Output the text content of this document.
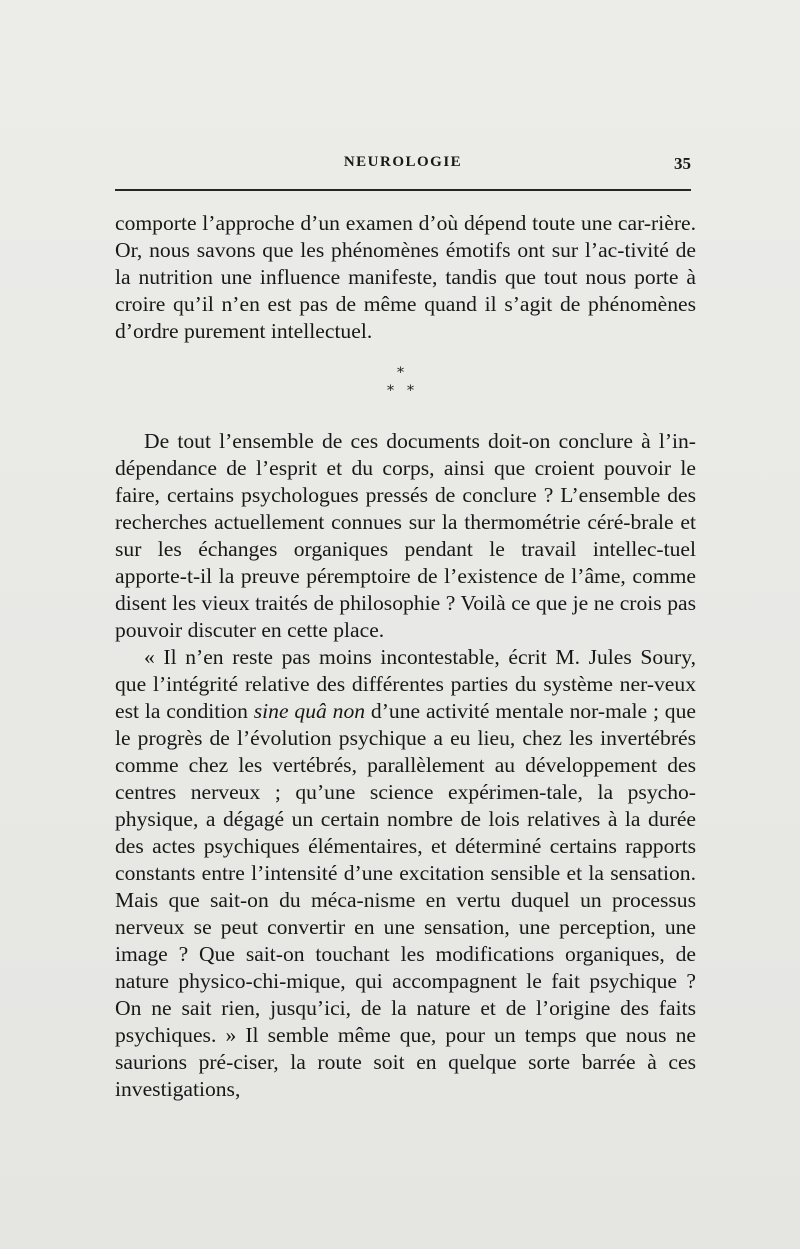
NEUROLOGIE	35

comporte l’approche d’un examen d’où dépend toute une car-rière. Or, nous savons que les phénomènes émotifs ont sur l’ac-tivité de la nutrition une influence manifeste, tandis que tout nous porte à croire qu’il n’en est pas de même quand il s’agit de phénomènes d’ordre purement intellectuel.

*
* *

De tout l’ensemble de ces documents doit-on conclure à l’in-dépendance de l’esprit et du corps, ainsi que croient pouvoir le faire, certains psychologues pressés de conclure ? L’ensemble des recherches actuellement connues sur la thermométrie céré-brale et sur les échanges organiques pendant le travail intellec-tuel apporte-t-il la preuve péremptoire de l’existence de l’âme, comme disent les vieux traités de philosophie ? Voilà ce que je ne crois pas pouvoir discuter en cette place.

« Il n’en reste pas moins incontestable, écrit M. Jules Soury, que l’intégrité relative des différentes parties du système ner-veux est la condition sine quâ non d’une activité mentale nor-male ; que le progrès de l’évolution psychique a eu lieu, chez les invertébrés comme chez les vertébrés, parallèlement au développement des centres nerveux ; qu’une science expérimen-tale, la psycho-physique, a dégagé un certain nombre de lois relatives à la durée des actes psychiques élémentaires, et déterminé certains rapports constants entre l’intensité d’une excitation sensible et la sensation. Mais que sait-on du méca-nisme en vertu duquel un processus nerveux se peut convertir en une sensation, une perception, une image ? Que sait-on touchant les modifications organiques, de nature physico-chi-mique, qui accompagnent le fait psychique ? On ne sait rien, jusqu’ici, de la nature et de l’origine des faits psychiques. » Il semble même que, pour un temps que nous ne saurions pré-ciser, la route soit en quelque sorte barrée à ces investigations,
